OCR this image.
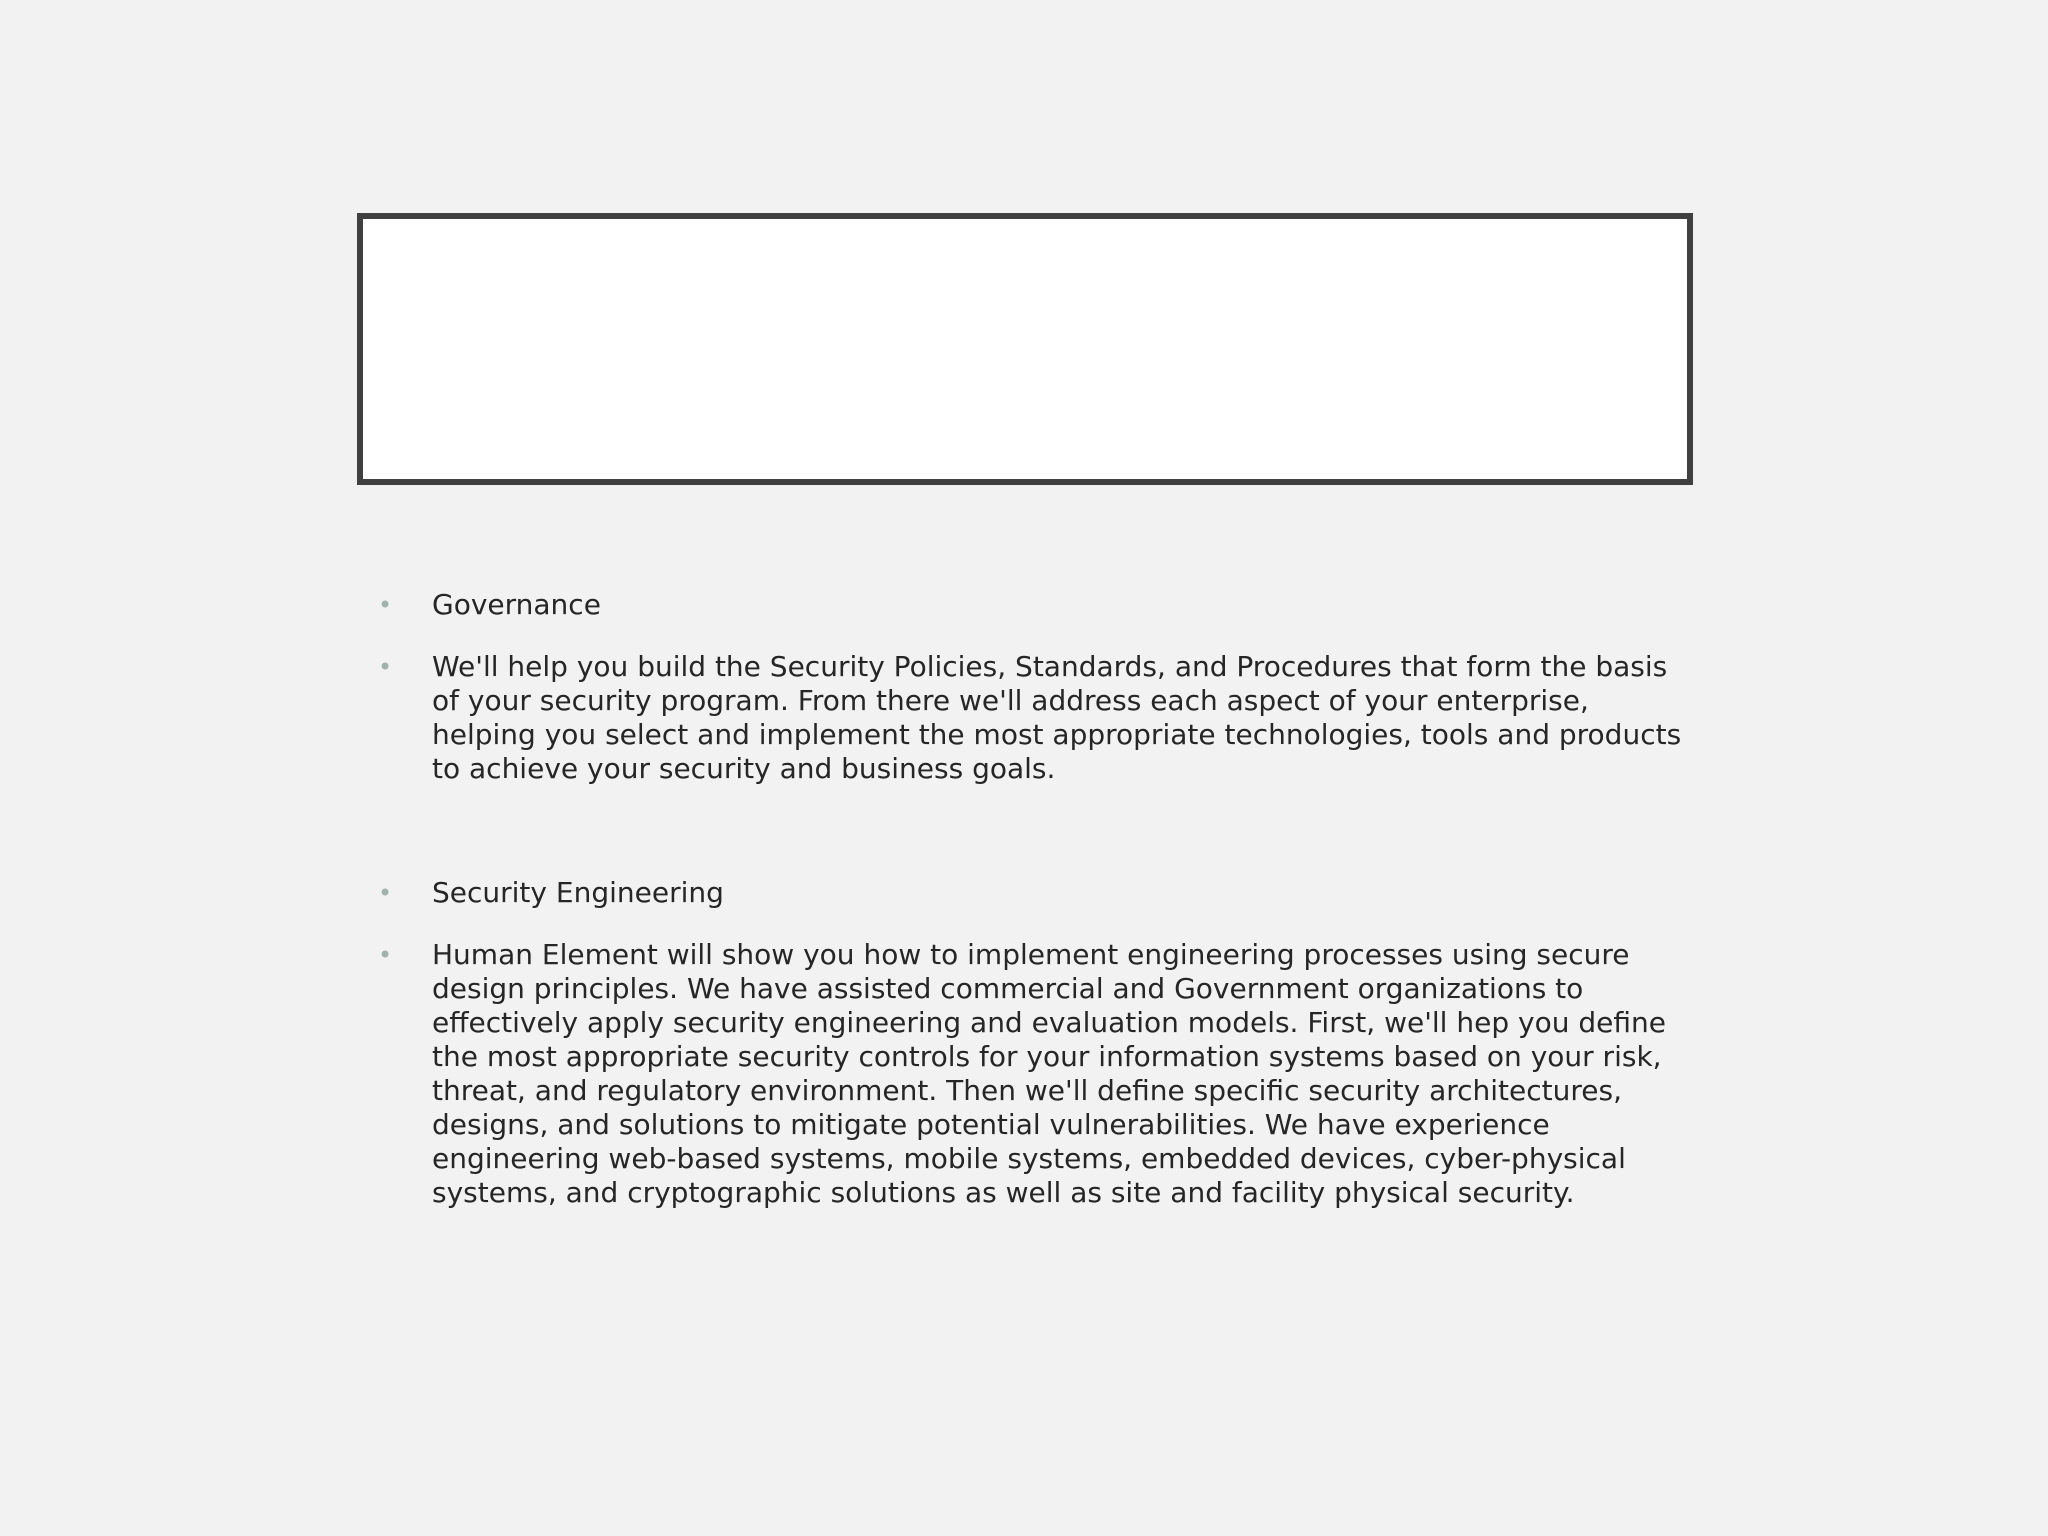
• Governance
• We'll help you build the Security Policies, Standards, and Procedures that form the basis of your security program. From there we'll address each aspect of your enterprise, helping you select and implement the most appropriate technologies, tools and products to achieve your security and business goals.
• Security Engineering
• Human Element will show you how to implement engineering processes using secure design principles. We have assisted commercial and Government organizations to effectively apply security engineering and evaluation models. First, we'll hep you define the most appropriate security controls for your information systems based on your risk, threat, and regulatory environment. Then we'll define specific security architectures, designs, and solutions to mitigate potential vulnerabilities. We have experience engineering web-based systems, mobile systems, embedded devices, cyber-physical systems, and cryptographic solutions as well as site and facility physical security.
